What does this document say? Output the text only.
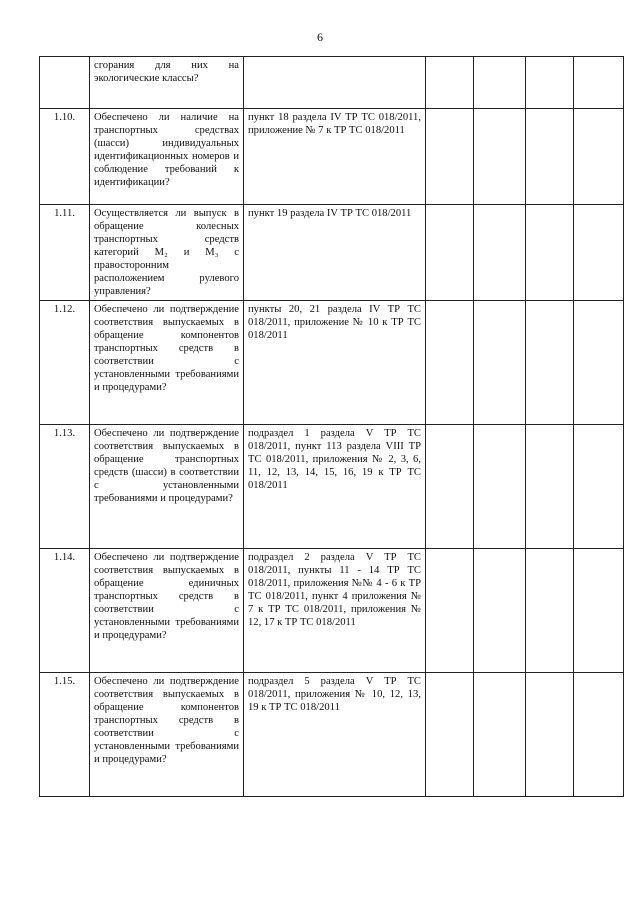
6
	сгорания для них на экологические классы?					
1.10.	Обеспечено ли наличие на транспортных средствах (шасси) индивидуальных идентификационных номеров и соблюдение требований к идентификации?	пункт 18 раздела IV ТР ТС 018/2011, приложение № 7 к ТР ТС 018/2011				
1.11.	Осуществляется ли выпуск в обращение колесных транспортных средств категорий M₂ и M₃ с правосторонним расположением рулевого управления?	пункт 19 раздела IV ТР ТС 018/2011				
1.12.	Обеспечено ли подтверждение соответствия выпускаемых в обращение компонентов транспортных средств в соответствии с установленными требованиями и процедурами?	пункты 20, 21 раздела IV ТР ТС 018/2011, приложение № 10 к ТР ТС 018/2011				
1.13.	Обеспечено ли подтверждение соответствия выпускаемых в обращение транспортных средств (шасси) в соответствии с установленными требованиями и процедурами?	подраздел 1 раздела V ТР ТС 018/2011, пункт 113 раздела VIII ТР ТС 018/2011, приложения № 2, 3, 6, 11, 12, 13, 14, 15, 16, 19 к ТР ТС 018/2011				
1.14.	Обеспечено ли подтверждение соответствия выпускаемых в обращение единичных транспортных средств в соответствии с установленными требованиями и процедурами?	подраздел 2 раздела V ТР ТС 018/2011, пункты 11 - 14 ТР ТС 018/2011, приложения №№ 4 - 6 к ТР ТС 018/2011, пункт 4 приложения № 7 к ТР ТС 018/2011, приложения № 12, 17 к ТР ТС 018/2011				
1.15.	Обеспечено ли подтверждение соответствия выпускаемых в обращение компонентов транспортных средств в соответствии с установленными требованиями и процедурами?	подраздел 5 раздела V ТР ТС 018/2011, приложения № 10, 12, 13, 19 к ТР ТС 018/2011				
